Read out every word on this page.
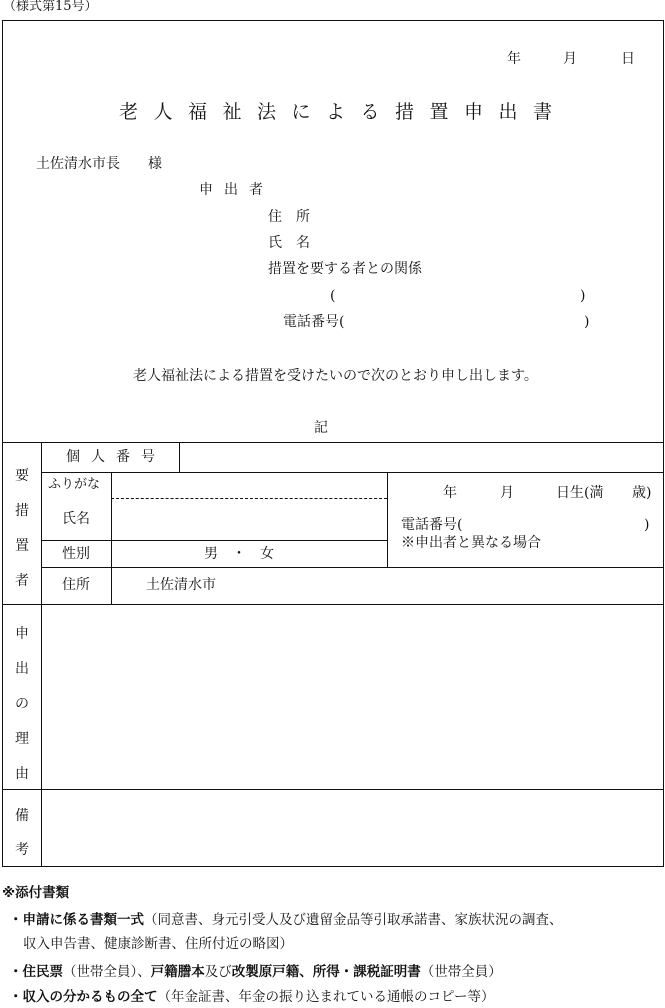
（様式第15号）
年	月	日
老人福祉法による措置申出書
土佐清水市長　　様
申出者
住　所
氏　名
措置を要する者との関係
(	)
電話番号(	)
老人福祉法による措置を受けたいので次のとおり申し出します。
記
要
措
置
者
個人番号
ふりがな
氏名
年	月	日生(満 歳)
電話番号(	)
※申出者と異なる場合
性別	男　・　女
住所	土佐清水市
申
出
の
理
由
備
考
※添付書類
・申請に係る書類一式（同意書、身元引受人及び遺留金品等引取承諾書、家族状況の調査、
収入申告書、健康診断書、住所付近の略図）
・住民票（世帯全員）、戸籍謄本及び改製原戸籍、所得・課税証明書（世帯全員）
・収入の分かるもの全て（年金証書、年金の振り込まれている通帳のコピー等）
